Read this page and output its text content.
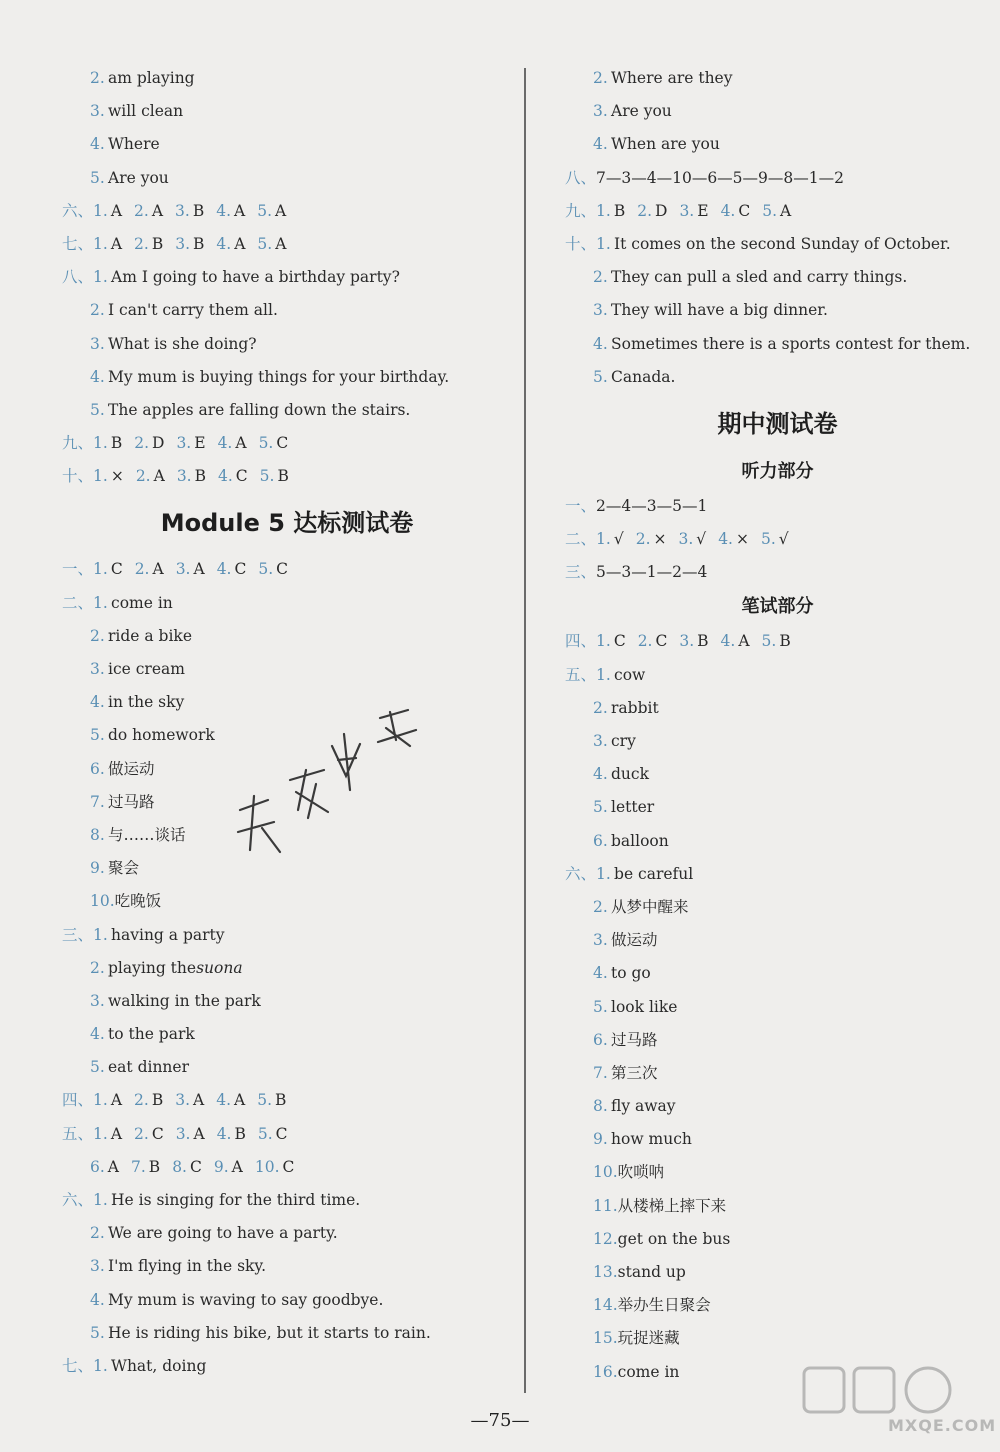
2. am playing
3. will clean
4. Where
5. Are you
六、 1. A 2. A 3. B 4. A 5. A
七、 1. A 2. B 3. B 4. A 5. A
八、 1. Am I going to have a birthday party?
2. I can't carry them all.
3. What is she doing?
4. My mum is buying things for your birthday.
5. The apples are falling down the stairs.
九、 1. B 2. D 3. E 4. A 5. C
十、 1. × 2. A 3. B 4. C 5. B
Module 5 达标测试卷
一、 1. C 2. A 3. A 4. C 5. C
二、 1. come in
2. ride a bike
3. ice cream
4. in the sky
5. do homework
6. 做运动
7. 过马路
8. 与……谈话
9. 聚会
10. 吃晚饭
三、 1. having a party
2. playing the suona
3. walking in the park
4. to the park
5. eat dinner
四、 1. A 2. B 3. A 4. A 5. B
五、 1. A 2. C 3. A 4. B 5. C
6. A 7. B 8. C 9. A 10. C
六、 1. He is singing for the third time.
2. We are going to have a party.
3. I'm flying in the sky.
4. My mum is waving to say goodbye.
5. He is riding his bike, but it starts to rain.
七、 1. What, doing
2. Where are they
3. Are you
4. When are you
八、 7—3—4—10—6—5—9—8—1—2
九、 1. B 2. D 3. E 4. C 5. A
十、 1. It comes on the second Sunday of October.
2. They can pull a sled and carry things.
3. They will have a big dinner.
4. Sometimes there is a sports contest for them.
5. Canada.
期中测试卷
听力部分
一、 2—4—3—5—1
二、 1. √ 2. × 3. √ 4. × 5. √
三、 5—3—1—2—4
笔试部分
四、 1. C 2. C 3. B 4. A 5. B
五、 1. cow
2. rabbit
3. cry
4. duck
5. letter
6. balloon
六、 1. be careful
2. 从梦中醒来
3. 做运动
4. to go
5. look like
6. 过马路
7. 第三次
8. fly away
9. how much
10. 吹唢呐
11. 从楼梯上摔下来
12. get on the bus
13. stand up
14. 举办生日聚会
15. 玩捉迷藏
16. come in
—75—	MXQE.COM
